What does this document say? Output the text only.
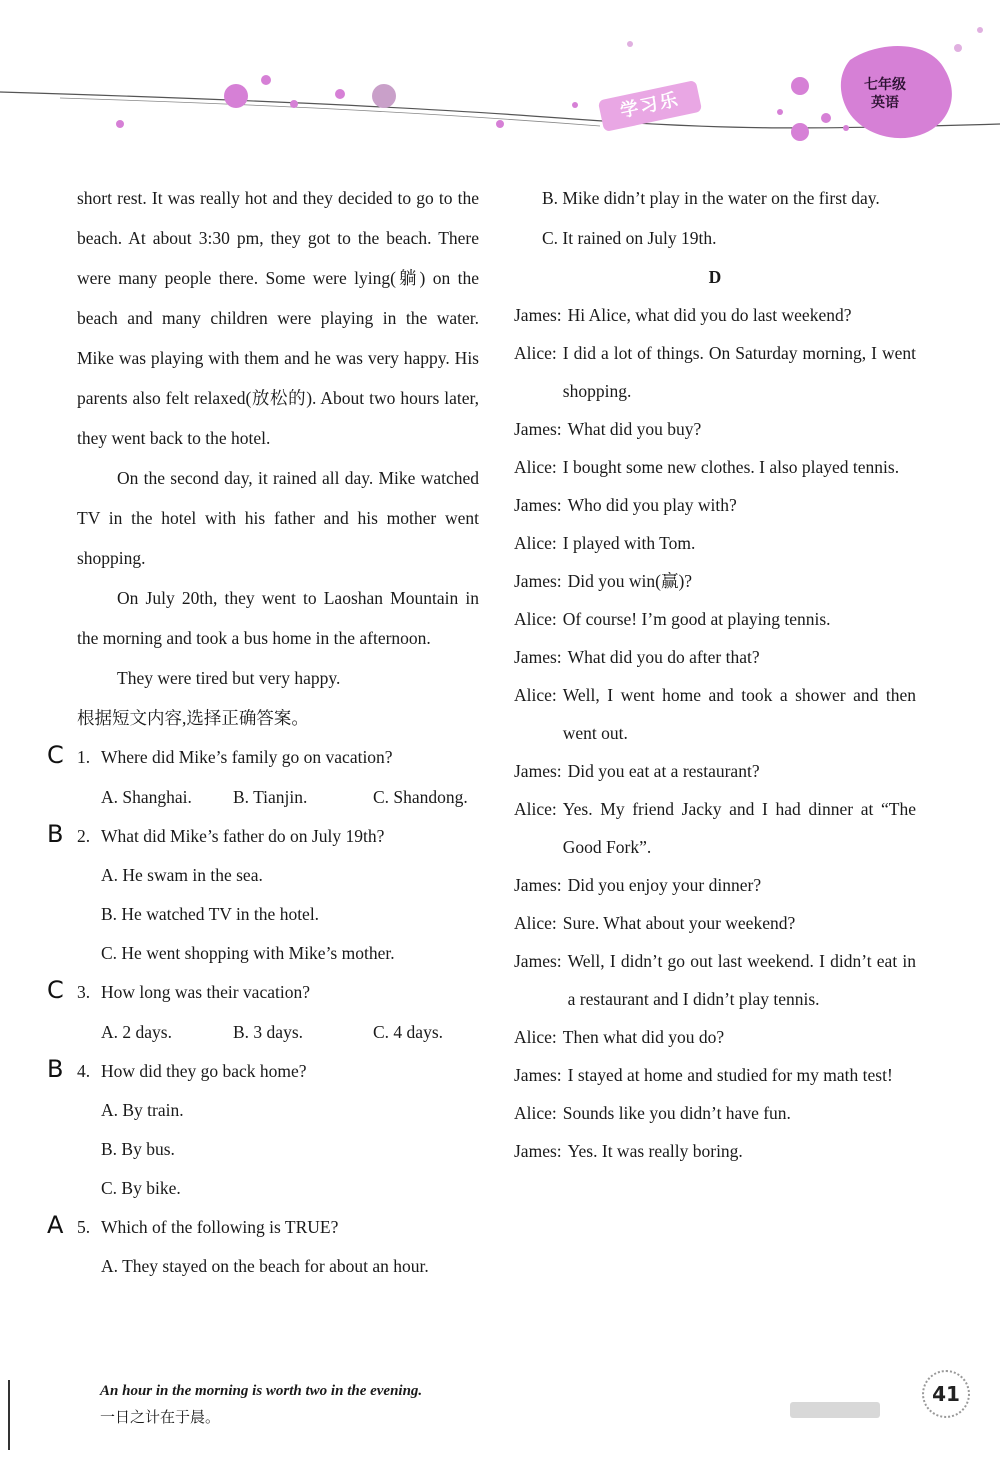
学习乐
七年级
英语

short rest. It was really hot and they decided to go to the beach. At about 3:30 pm, they got to the beach. There were many people there. Some were lying(躺) on the beach and many children were playing in the water. Mike was playing with them and he was very happy. His parents also felt relaxed(放松的). About two hours later, they went back to the hotel.

On the second day, it rained all day. Mike watched TV in the hotel with his father and his mother went shopping.

On July 20th, they went to Laoshan Mountain in the morning and took a bus home in the afternoon.

They were tired but very happy.

根据短文内容,选择正确答案。

C 1. Where did Mike’s family go on vacation?
A. Shanghai.	B. Tianjin.	C. Shandong.
B 2. What did Mike’s father do on July 19th?
A. He swam in the sea.
B. He watched TV in the hotel.
C. He went shopping with Mike’s mother.
C 3. How long was their vacation?
A. 2 days.	B. 3 days.	C. 4 days.
B 4. How did they go back home?
A. By train.
B. By bus.
C. By bike.
A 5. Which of the following is TRUE?
A. They stayed on the beach for about an hour.
B. Mike didn’t play in the water on the first day.
C. It rained on July 19th.
D
James : Hi Alice, what did you do last weekend?
Alice : I did a lot of things. On Saturday morning, I went shopping.
James : What did you buy?
Alice : I bought some new clothes. I also played tennis.
James : Who did you play with?
Alice : I played with Tom.
James : Did you win(赢)?
Alice : Of course! I’m good at playing tennis.
James : What did you do after that?
Alice : Well, I went home and took a shower and then went out.
James : Did you eat at a restaurant?
Alice : Yes. My friend Jacky and I had dinner at “The Good Fork”.
James : Did you enjoy your dinner?
Alice : Sure. What about your weekend?
James : Well, I didn’t go out last weekend. I didn’t eat in a restaurant and I didn’t play tennis.
Alice : Then what did you do?
James : I stayed at home and studied for my math test!
Alice : Sounds like you didn’t have fun.
James : Yes. It was really boring.
An hour in the morning is worth two in the evening.
一日之计在于晨。
41
